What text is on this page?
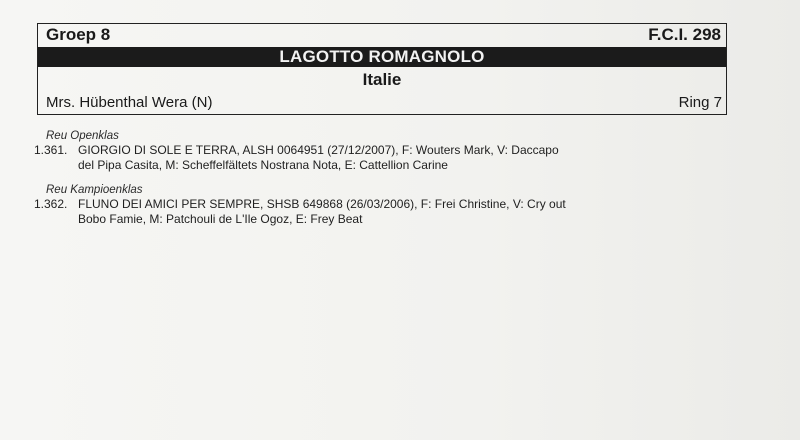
Groep 8	F.C.I. 298
LAGOTTO ROMAGNOLO
Italie
Mrs. Hübenthal Wera (N)	Ring 7
Reu Openklas
1.361. GIORGIO DI SOLE E TERRA, ALSH 0064951 (27/12/2007), F: Wouters Mark, V: Daccapo
del Pipa Casita, M: Scheffelfältets Nostrana Nota, E: Cattellion Carine
Reu Kampioenklas
1.362. FLUNO DEI AMICI PER SEMPRE, SHSB 649868 (26/03/2006), F: Frei Christine, V: Cry out
Bobo Famie, M: Patchouli de L'Ile Ogoz, E: Frey Beat
